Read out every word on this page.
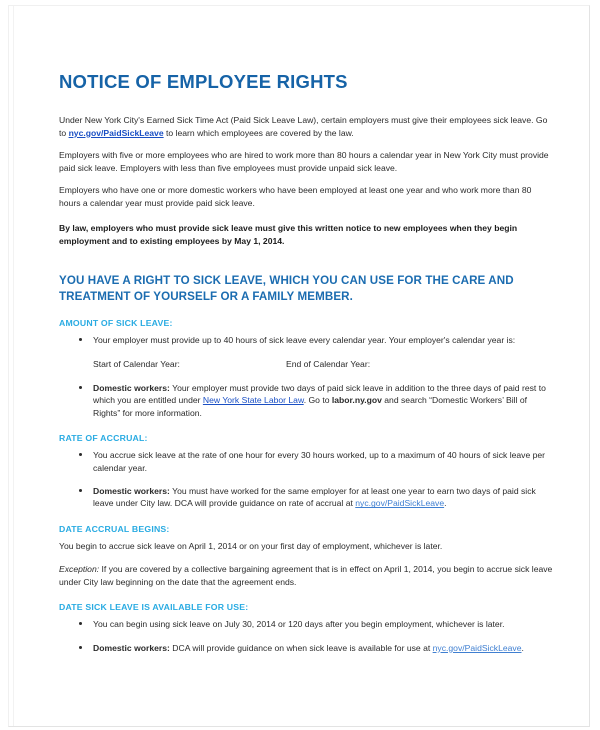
NOTICE OF EMPLOYEE RIGHTS

Under New York City's Earned Sick Time Act (Paid Sick Leave Law), certain employers must give their employees sick leave. Go to nyc.gov/PaidSickLeave to learn which employees are covered by the law.

Employers with five or more employees who are hired to work more than 80 hours a calendar year in New York City must provide paid sick leave. Employers with less than five employees must provide unpaid sick leave.

Employers who have one or more domestic workers who have been employed at least one year and who work more than 80 hours a calendar year must provide paid sick leave.

By law, employers who must provide sick leave must give this written notice to new employees when they begin employment and to existing employees by May 1, 2014.

YOU HAVE A RIGHT TO SICK LEAVE, WHICH YOU CAN USE FOR THE CARE AND TREATMENT OF YOURSELF OR A FAMILY MEMBER.
AMOUNT OF SICK LEAVE:
Your employer must provide up to 40 hours of sick leave every calendar year. Your employer's calendar year is:
Start of Calendar Year:	End of Calendar Year:
Domestic workers: Your employer must provide two days of paid sick leave in addition to the three days of paid rest to which you are entitled under New York State Labor Law. Go to labor.ny.gov and search “Domestic Workers’ Bill of Rights” for more information.
RATE OF ACCRUAL:
You accrue sick leave at the rate of one hour for every 30 hours worked, up to a maximum of 40 hours of sick leave per calendar year.
Domestic workers: You must have worked for the same employer for at least one year to earn two days of paid sick leave under City law. DCA will provide guidance on rate of accrual at nyc.gov/PaidSickLeave.
DATE ACCRUAL BEGINS:

You begin to accrue sick leave on April 1, 2014 or on your first day of employment, whichever is later.

Exception: If you are covered by a collective bargaining agreement that is in effect on April 1, 2014, you begin to accrue sick leave under City law beginning on the date that the agreement ends.

DATE SICK LEAVE IS AVAILABLE FOR USE:
You can begin using sick leave on July 30, 2014 or 120 days after you begin employment, whichever is later.
Domestic workers: DCA will provide guidance on when sick leave is available for use at nyc.gov/PaidSickLeave.
